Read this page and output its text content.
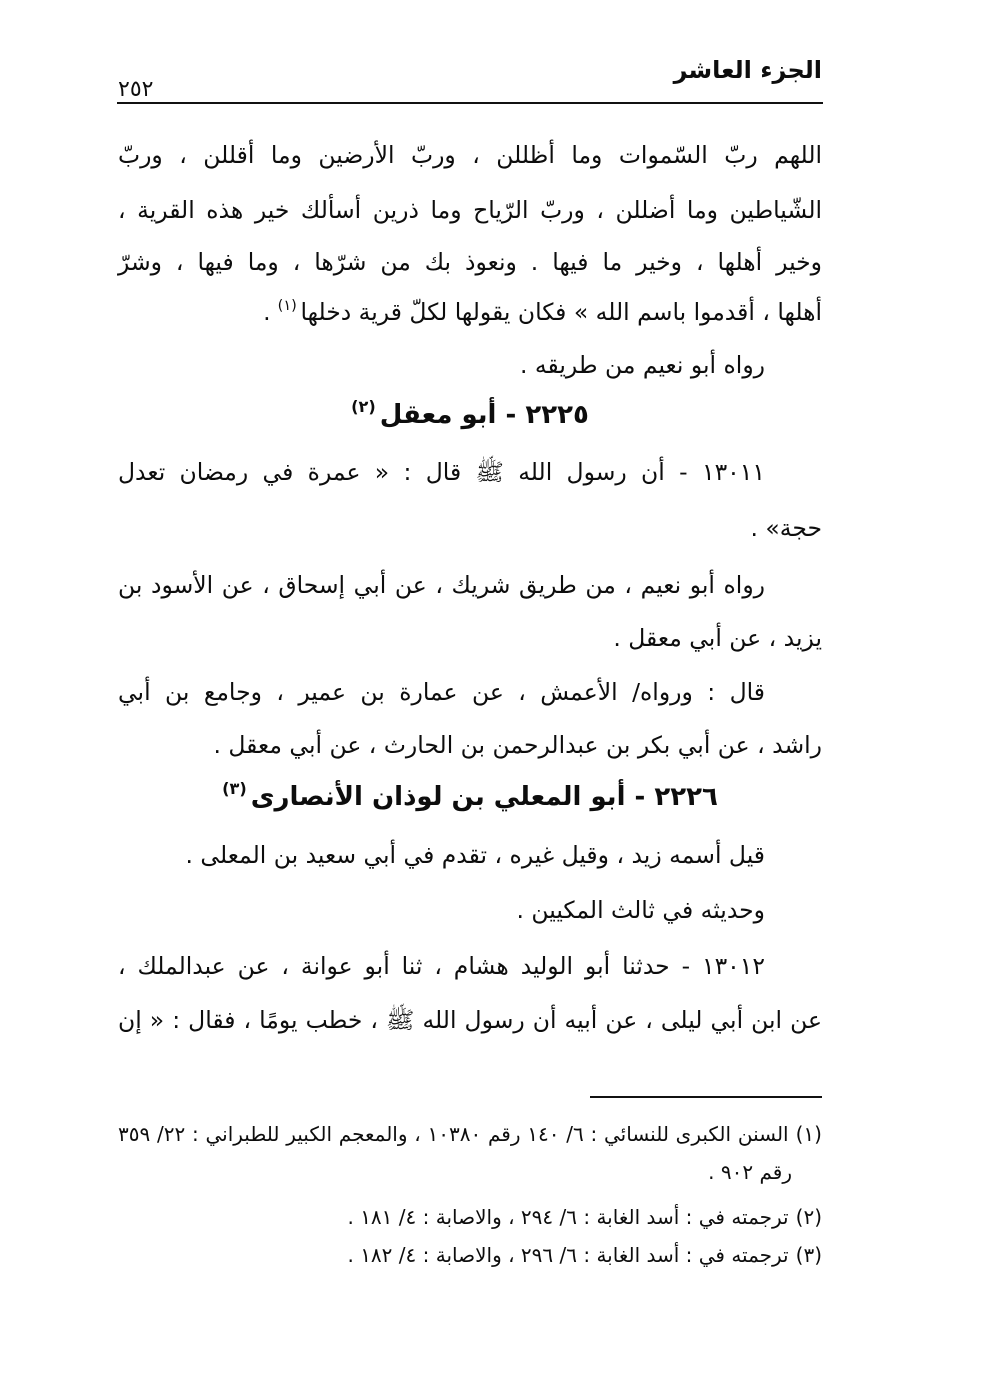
الجزء العاشر
٢٥٢
اللهم ربّ السّموات وما أظللن ، وربّ الأرضين وما أقللن ، وربّ
الشّياطين وما أضللن ، وربّ الرّياح وما ذرين أسألك خير هذه القرية ،
وخير أهلها ، وخير ما فيها . ونعوذ بك من شرّها ، وما فيها ، وشرّ
أهلها ، أقدموا باسم الله » فكان يقولها لكلّ قرية دخلها$^{(١)}$.
رواه أبو نعيم من طريقه .
٢٢٢٥ - أبو معقل$^{(٢)}$
١٣٠١١ - أن رسول الله ﷺ قال : « عمرة في رمضان تعدل
حجة» .
رواه أبو نعيم ، من طريق شريك ، عن أبي إسحاق ، عن الأسود بن
يزيد ، عن أبي معقل .
قال : ورواه/ الأعمش ، عن عمارة بن عمير ، وجامع بن أبي
راشد ، عن أبي بكر بن عبدالرحمن بن الحارث ، عن أبي معقل .
٢٢٢٦ - أبو المعلي بن لوذان الأنصارى$^{(٣)}$
قيل أسمه زيد ، وقيل غيره ، تقدم في أبي سعيد بن المعلى .
وحديثه في ثالث المكيين .
١٣٠١٢ - حدثنا أبو الوليد هشام ، ثنا أبو عوانة ، عن عبدالملك ،
عن ابن أبي ليلى ، عن أبيه أن رسول الله ﷺ ، خطب يومًا ، فقال : « إن
(١)السنن الكبرى للنسائي : ٦/ ١٤٠ رقم ١٠٣٨٠ ، والمعجم الكبير للطبراني : ٢٢/ ٣٥٩
رقم ٩٠٢ .
(٢)ترجمته في : أسد الغابة : ٦/ ٢٩٤ ، والاصابة : ٤/ ١٨١ .
(٣)ترجمته في : أسد الغابة : ٦/ ٢٩٦ ، والاصابة : ٤/ ١٨٢ .
